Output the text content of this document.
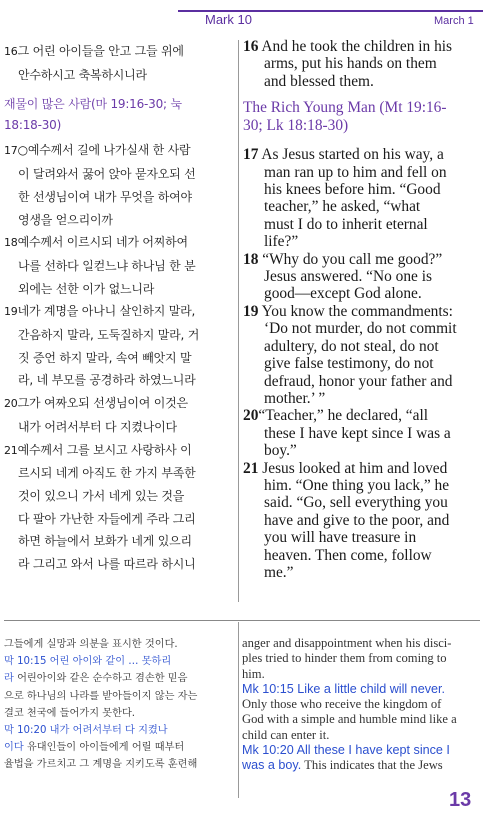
Mark 10	March 1
16그 어린 아이들을 안고 그들 위에
안수하시고 축복하시니라
재물이 많은 사람(마 19:16-30; 눅
18:18-30)
17○예수께서 길에 나가실새 한 사람
이 달려와서 꿇어 앉아 묻자오되 선
한 선생님이여 내가 무엇을 하여야
영생을 얻으리이까
18예수께서 이르시되 네가 어찌하여
나를 선하다 일컫느냐 하나님 한 분
외에는 선한 이가 없느니라
19네가 계명을 아나니 살인하지 말라,
간음하지 말라, 도둑질하지 말라, 거
짓 증언 하지 말라, 속여 빼앗지 말
라, 네 부모를 공경하라 하였느니라
20그가 여짜오되 선생님이여 이것은
내가 어려서부터 다 지켰나이다
21예수께서 그를 보시고 사랑하사 이
르시되 네게 아직도 한 가지 부족한
것이 있으니 가서 네게 있는 것을
다 팔아 가난한 자들에게 주라 그리
하면 하늘에서 보화가 네게 있으리
라 그리고 와서 나를 따르라 하시니
16 And he took the children in his
arms, put his hands on them
and blessed them.
The Rich Young Man (Mt 19:16-
30; Lk 18:18-30)
17 As Jesus started on his way, a
man ran up to him and fell on
his knees before him. “Good
teacher,” he asked, “what
must I do to inherit eternal
life?”
18 “Why do you call me good?”
Jesus answered. “No one is
good—except God alone.
19 You know the commandments:
‘Do not murder, do not commit
adultery, do not steal, do not
give false testimony, do not
defraud, honor your father and
mother.’ ”
20“Teacher,” he declared, “all
these I have kept since I was a
boy.”
21 Jesus looked at him and loved
him. “One thing you lack,” he
said. “Go, sell everything you
have and give to the poor, and
you will have treasure in
heaven. Then come, follow
me.”
그들에게 실망과 의분을 표시한 것이다.
막 10:15 어린 아이와 같이 … 못하리
라 어린아이와 같은 순수하고 겸손한 믿음
으로 하나님의 나라를 받아들이지 않는 자는
결코 천국에 들어가지 못한다.
막 10:20 내가 어려서부터 다 지켰나
이다 유대인들이 아이들에게 어릴 때부터
율법을 가르치고 그 계명을 지키도록 훈련해
anger and disappointment when his disci-
ples tried to hinder them from coming to
him.
Mk 10:15 Like a little child will never.
Only those who receive the kingdom of
God with a simple and humble mind like a
child can enter it.
Mk 10:20 All these I have kept since I
was a boy. This indicates that the Jews
13
